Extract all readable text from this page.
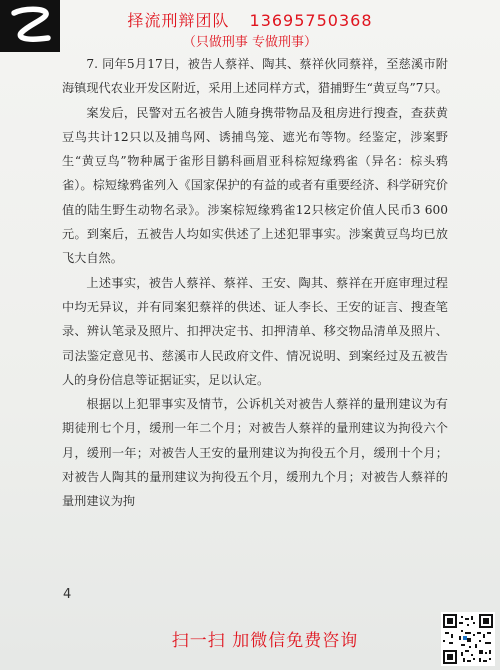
择流刑辩团队 13695750368
（只做刑事 专做刑事）

7. 同年5月17日，被告人蔡祥、陶其、蔡祥伙同蔡祥，至慈溪市附海镇现代农业开发区附近，采用上述同样方式，猎捕野生“黄豆鸟”7只。

案发后，民警对五名被告人随身携带物品及租房进行搜查，查获黄豆鸟共计12只以及捕鸟网、诱捕鸟笼、遮光布等物。经鉴定，涉案野生“黄豆鸟”物种属于雀形目鹟科画眉亚科棕短缘鸦雀（异名：棕头鸦雀）。棕短缘鸦雀列入《国家保护的有益的或者有重要经济、科学研究价值的陆生野生动物名录》。涉案棕短缘鸦雀12只核定价值人民币3 600元。到案后，五被告人均如实供述了上述犯罪事实。涉案黄豆鸟均已放飞大自然。

上述事实，被告人蔡祥、蔡祥、王安、陶其、蔡祥在开庭审理过程中均无异议，并有同案犯蔡祥的供述、证人李长、王安的证言、搜查笔录、辨认笔录及照片、扣押决定书、扣押清单、移交物品清单及照片、司法鉴定意见书、慈溪市人民政府文件、情况说明、到案经过及五被告人的身份信息等证据证实，足以认定。

根据以上犯罪事实及情节，公诉机关对被告人蔡祥的量刑建议为有期徒刑七个月，缓刑一年二个月；对被告人蔡祥的量刑建议为拘役六个月，缓刑一年；对被告人王安的量刑建议为拘役五个月，缓刑十个月；对被告人陶其的量刑建议为拘役五个月，缓刑九个月；对被告人蔡祥的量刑建议为拘

4
扫一扫 加微信免费咨询
